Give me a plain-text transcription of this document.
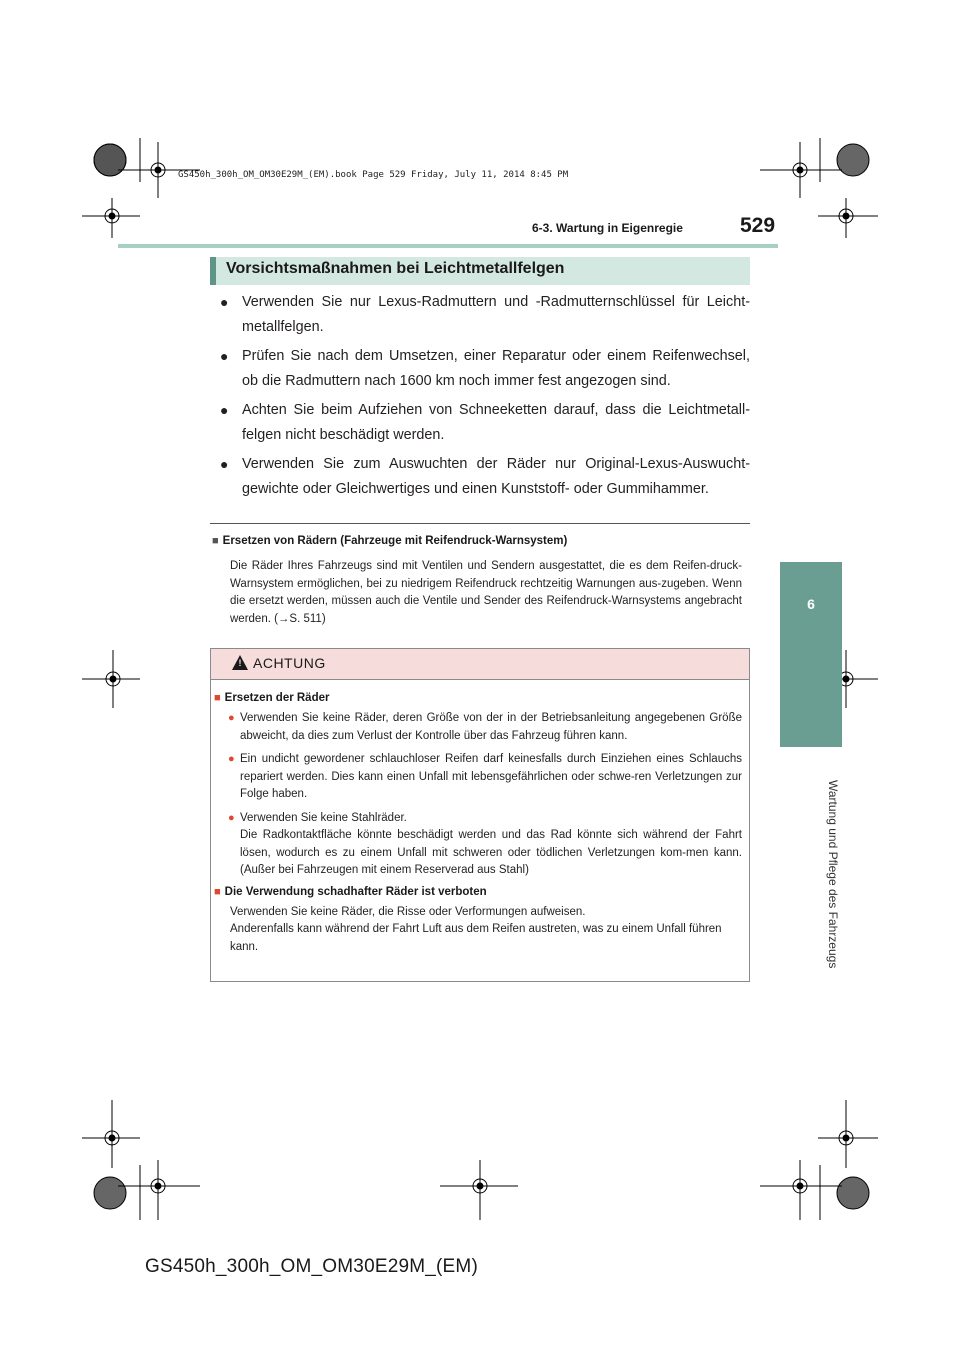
GS450h_300h_OM_OM30E29M_(EM).book Page 529 Friday, July 11, 2014 8:45 PM
6-3. Wartung in Eigenregie	529
6
Wartung und Pflege des Fahrzeugs
Vorsichtsmaßnahmen bei Leichtmetallfelgen
● Verwenden Sie nur Lexus-Radmuttern und -Radmutternschlüssel für Leicht-metallfelgen.
● Prüfen Sie nach dem Umsetzen, einer Reparatur oder einem Reifenwechsel, ob die Radmuttern nach 1600 km noch immer fest angezogen sind.
● Achten Sie beim Aufziehen von Schneeketten darauf, dass die Leichtmetall-felgen nicht beschädigt werden.
● Verwenden Sie zum Auswuchten der Räder nur Original-Lexus-Auswucht-gewichte oder Gleichwertiges und einen Kunststoff- oder Gummihammer.
■ Ersetzen von Rädern (Fahrzeuge mit Reifendruck-Warnsystem)
Die Räder Ihres Fahrzeugs sind mit Ventilen und Sendern ausgestattet, die es dem Reifen-druck-Warnsystem ermöglichen, bei zu niedrigem Reifendruck rechtzeitig Warnungen aus-zugeben. Wenn die ersetzt werden, müssen auch die Ventile und Sender des Reifendruck-Warnsystems angebracht werden. (→S. 511)
! ACHTUNG
■ Ersetzen der Räder
● Verwenden Sie keine Räder, deren Größe von der in der Betriebsanleitung angegebenen Größe abweicht, da dies zum Verlust der Kontrolle über das Fahrzeug führen kann.
● Ein undicht gewordener schlauchloser Reifen darf keinesfalls durch Einziehen eines Schlauchs repariert werden. Dies kann einen Unfall mit lebensgefährlichen oder schwe-ren Verletzungen zur Folge haben.
● Verwenden Sie keine Stahlräder.
Die Radkontaktfläche könnte beschädigt werden und das Rad könnte sich während der Fahrt lösen, wodurch es zu einem Unfall mit schweren oder tödlichen Verletzungen kom-men kann. (Außer bei Fahrzeugen mit einem Reserverad aus Stahl)
■ Die Verwendung schadhafter Räder ist verboten
Verwenden Sie keine Räder, die Risse oder Verformungen aufweisen.
Anderenfalls kann während der Fahrt Luft aus dem Reifen austreten, was zu einem Unfall führen kann.
GS450h_300h_OM_OM30E29M_(EM)
